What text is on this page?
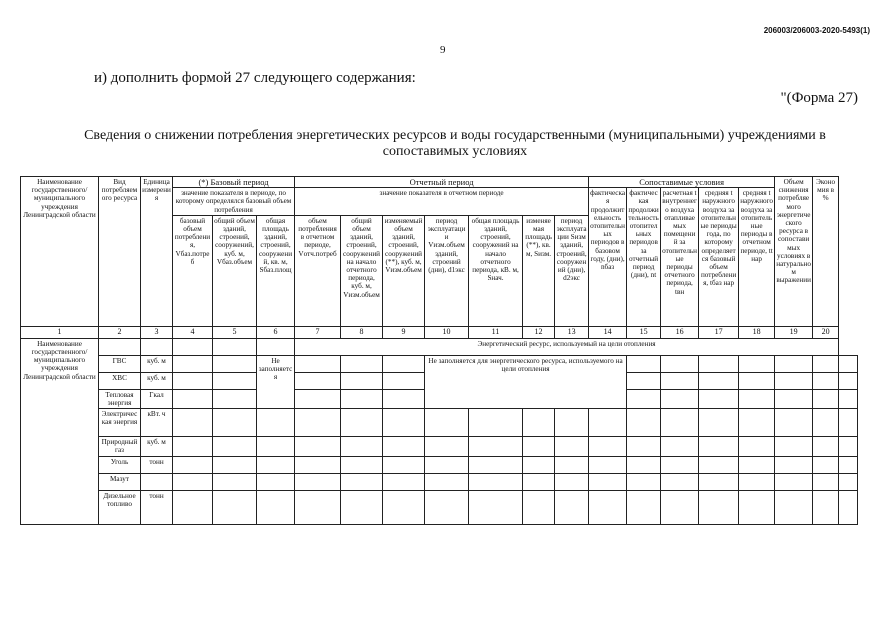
206003/206003-2020-5493(1)
9
и) дополнить формой 27 следующего содержания:
"(Форма 27)
Сведения о снижении потребления энергетических ресурсов и воды государственными (муниципальными) учреждениями в сопоставимых условиях
Наименование государственного/муниципального учреждения Ленинградской области	Вид потребляемого ресурса	Единица измерения	(*) Базовый период			Отчетный период							Сопоставимые условия					Объем снижения потребляемого энергетического ресурса в сопоставимых условиях в натуральном выражении	Экономия в %	
			значение показателя в периоде, по которому определялся базовый объем потребления			значение показателя в отчетном периоде							фактическая продолжительность отопительных периодов в базовом году, (дни), nбаз	фактическая продолжительность отопительных периодов за отчетный период (дни), nt	расчетная t внутреннего воздуха отапливаемых помещений за отопительные периоды отчетного периода, tвн	средняя t наружного воздуха за отопительные периоды года, по которому определяется базовый объем потребления, tбаз нар	средняя t наружного воздуха за отопительные периоды в отчетном периоде, tt нар			
			базовый объем потребления, Vбаз.потреб	общий объем зданий, строений, сооружений, куб. м, Vбаз.объем	общая площадь зданий, строений, сооружений, кв. м, Sбаз.площ	объем потребления в отчетном периоде, Vотч.потреб	общий объем зданий, строений, сооружений на начало отчетного периода, куб. м, Vизм.объем	изменяемый объем зданий, строений, сооружений(**), куб. м, Vизм.объем	период эксплуатации Vизм.объем зданий, строений (дни), d1экс	общая площадь зданий, строений, сооружений на начало отчетного периода, кВ. м, Sнач.	изменяемая площадь (**), кв. м, Sизм.	период эксплуатации Sизм зданий, строений, сооружений (дни), d2экс								
1	2	3	4	5	6	7	8	9	10	11	12	13	14	15	16	17	18	19	20	
Наименование государственного/муниципального учреждения Ленинградской области						Энергетический ресурс, используемый на цели отопления														
	ГВС	куб. м			Не заполняется				Не заполняется для энергетического ресурса, используемого на цели отопления											
	ХВС	куб. м																		
	Тепловая энергия	Гкал																		
	Электрическая энергия	кВт. ч																		
	Природный газ	куб. м																		
	Уголь	тонн																		
	Мазут																			
	Дизельное топливо	тонн																		
